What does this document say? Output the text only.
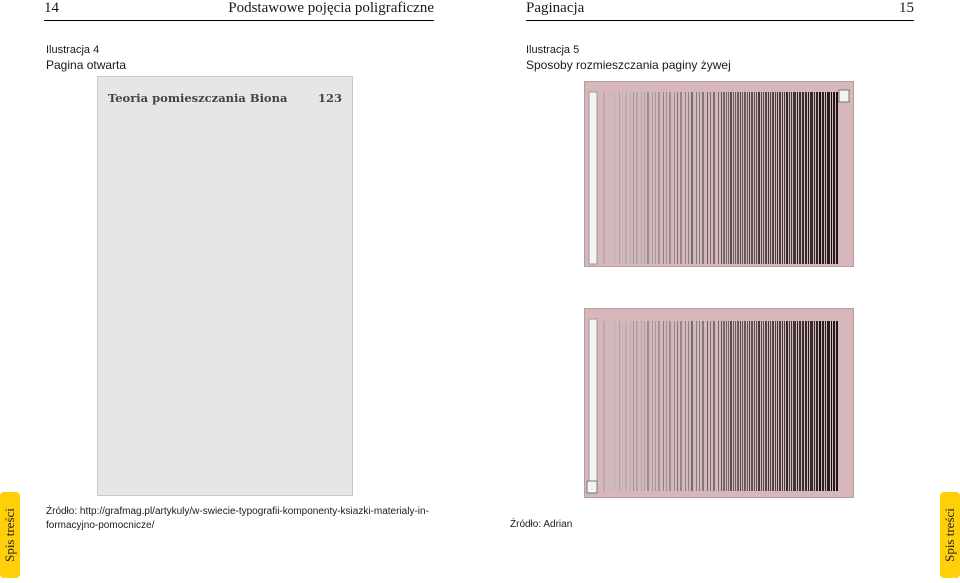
14	Podstawowe pojęcia poligraficzne
Ilustracja 4
Pagina otwarta
Teoria pomieszczania Biona	123
Źródło: http://grafmag.pl/artykuly/w-swiecie-typografii-komponenty-ksiazki-materialy-in-formacyjno-pomocnicze/
Spis treści
Paginacja	15
Ilustracja 5
Sposoby rozmieszczania paginy żywej
Źródło: Adrian	Spis treści
